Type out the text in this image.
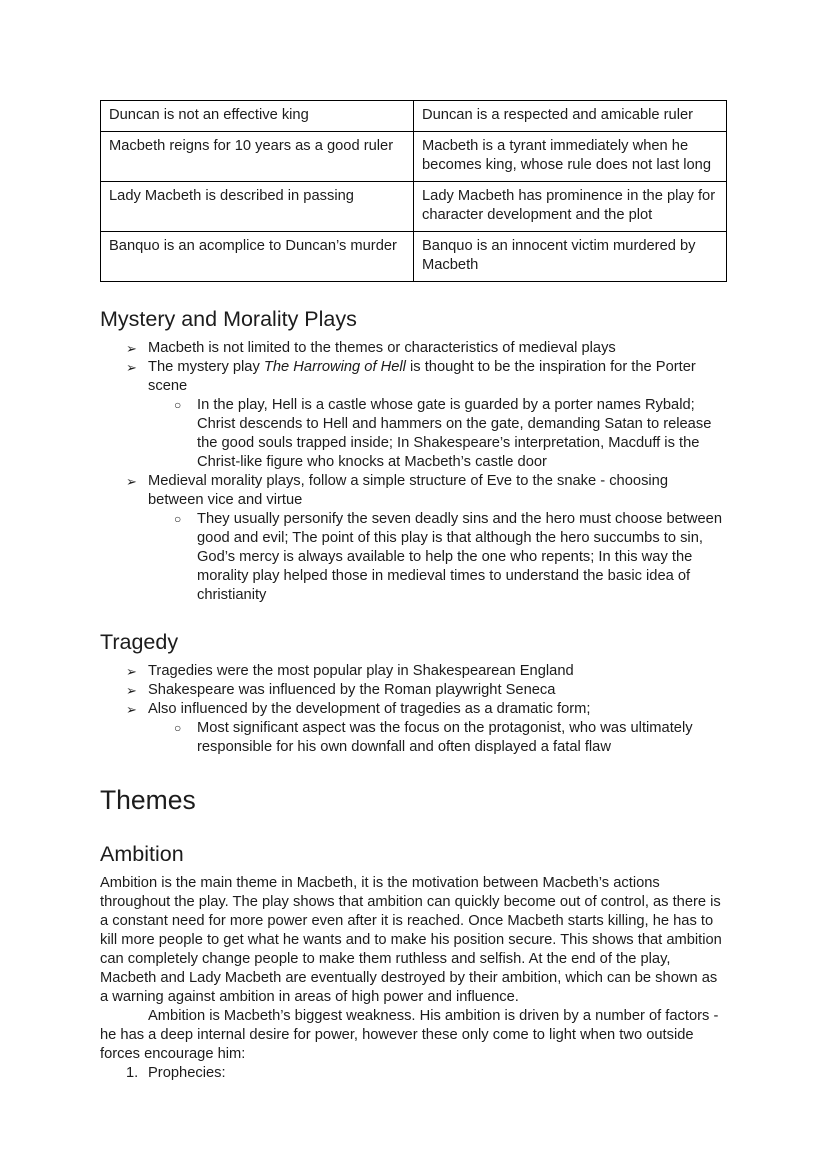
Duncan is not an effective king	Duncan is a respected and amicable ruler
Macbeth reigns for 10 years as a good ruler	Macbeth is a tyrant immediately when he becomes king, whose rule does not last long
Lady Macbeth is described in passing	Lady Macbeth has prominence in the play for character development and the plot
Banquo is an acomplice to Duncan’s murder	Banquo is an innocent victim murdered by Macbeth
Mystery and Morality Plays
➢ Macbeth is not limited to the themes or characteristics of medieval plays
➢ The mystery play The Harrowing of Hell is thought to be the inspiration for the Porter scene
○ In the play, Hell is a castle whose gate is guarded by a porter names Rybald; Christ descends to Hell and hammers on the gate, demanding Satan to release the good souls trapped inside; In Shakespeare’s interpretation, Macduff is the Christ-like figure who knocks at Macbeth’s castle door
➢ Medieval morality plays, follow a simple structure of Eve to the snake - choosing between vice and virtue
○ They usually personify the seven deadly sins and the hero must choose between good and evil; The point of this play is that although the hero succumbs to sin, God’s mercy is always available to help the one who repents; In this way the morality play helped those in medieval times to understand the basic idea of christianity
Tragedy
➢ Tragedies were the most popular play in Shakespearean England
➢ Shakespeare was influenced by the Roman playwright Seneca
➢ Also influenced by the development of tragedies as a dramatic form;
○ Most significant aspect was the focus on the protagonist, who was ultimately responsible for his own downfall and often displayed a fatal flaw
Themes
Ambition

Ambition is the main theme in Macbeth, it is the motivation between Macbeth’s actions throughout the play. The play shows that ambition can quickly become out of control, as there is a constant need for more power even after it is reached. Once Macbeth starts killing, he has to kill more people to get what he wants and to make his position secure. This shows that ambition can completely change people to make them ruthless and selfish. At the end of the play, Macbeth and Lady Macbeth are eventually destroyed by their ambition, which can be shown as a warning against ambition in areas of high power and influence.

Ambition is Macbeth’s biggest weakness. His ambition is driven by a number of factors - he has a deep internal desire for power, however these only come to light when two outside forces encourage him:

1. Prophecies:
